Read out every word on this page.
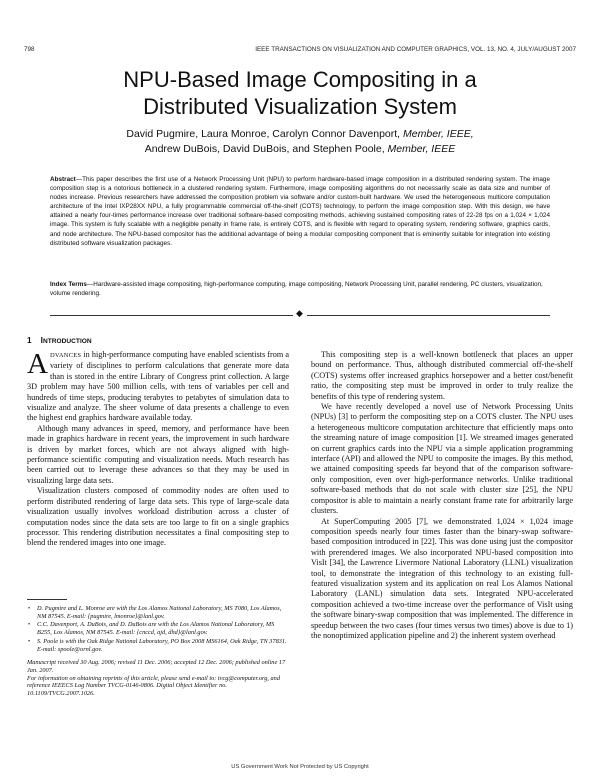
798	IEEE TRANSACTIONS ON VISUALIZATION AND COMPUTER GRAPHICS, VOL. 13, NO. 4, JULY/AUGUST 2007
NPU-Based Image Compositing in a
Distributed Visualization System
David Pugmire, Laura Monroe, Carolyn Connor Davenport, Member, IEEE,
Andrew DuBois, David DuBois, and Stephen Poole, Member, IEEE
Abstract—This paper describes the first use of a Network Processing Unit (NPU) to perform hardware-based image composition in a distributed rendering system. The image composition step is a notorious bottleneck in a clustered rendering system. Furthermore, image compositing algorithms do not necessarily scale as data size and number of nodes increase. Previous researchers have addressed the composition problem via software and/or custom-built hardware. We used the heterogeneous multicore computation architecture of the Intel IXP28XX NPU, a fully programmable commercial off-the-shelf (COTS) technology, to perform the image composition step. With this design, we have attained a nearly four-times performance increase over traditional software-based compositing methods, achieving sustained compositing rates of 22-28 fps on a 1,024 × 1,024 image. This system is fully scalable with a negligible penalty in frame rate, is entirely COTS, and is flexible with regard to operating system, rendering software, graphics cards, and node architecture. The NPU-based compositor has the additional advantage of being a modular compositing component that is eminently suitable for integration into existing distributed software visualization packages.
Index Terms—Hardware-assisted image compositing, high-performance computing, image compositing, Network Processing Unit, parallel rendering, PC clusters, visualization, volume rendering.
◆
1 INTRODUCTION

ADVANCES in high-performance computing have enabled scientists from a variety of disciplines to perform calculations that generate more data than is stored in the entire Library of Congress print collection. A large 3D problem may have 500 million cells, with tens of variables per cell and hundreds of time steps, producing terabytes to petabytes of simulation data to visualize and analyze. The sheer volume of data presents a challenge to even the highest end graphics hardware available today.

Although many advances in speed, memory, and performance have been made in graphics hardware in recent years, the improvement in such hardware is driven by market forces, which are not always aligned with high-performance scientific computing and visualization needs. Much research has been carried out to leverage these advances so that they may be used in visualizing large data sets.

Visualization clusters composed of commodity nodes are often used to perform distributed rendering of large data sets. This type of large-scale data visualization usually involves workload distribution across a cluster of computation nodes since the data sets are too large to fit on a single graphics processor. This rendering distribution necessitates a final compositing step to blend the rendered images into one image.

• D. Pugmire and L. Monroe are with the Los Alamos National Laboratory, MS T080, Los Alamos, NM 87545. E-mail: {pugmire, lmonroe}@lanl.gov.
• C.C. Davenport, A. DuBois, and D. DuBois are with the Los Alamos National Laboratory, MS B255, Los Alamos, NM 87545. E-mail: {cnccd, ajd, dhd}@lanl.gov.
• S. Poole is with the Oak Ridge National Laboratory, PO Box 2008 MS6164, Oak Ridge, TN 37831. E-mail: spoole@ornl.gov.
Manuscript received 30 Aug. 2006; revised 11 Dec. 2006; accepted 12 Dec. 2006; published online 17 Jan. 2007.
For information on obtaining reprints of this article, please send e-mail to: tvcg@computer.org, and reference IEEECS Log Number TVCG-0146-0806. Digital Object Identifier no. 10.1109/TVCG.2007.1026.

This compositing step is a well-known bottleneck that places an upper bound on performance. Thus, although distributed commercial off-the-shelf (COTS) systems offer increased graphics horsepower and a better cost/benefit ratio, the compositing step must be improved in order to truly realize the benefits of this type of rendering system.

We have recently developed a novel use of Network Processing Units (NPUs) [3] to perform the compositing step on a COTS cluster. The NPU uses a heterogeneous multicore computation architecture that efficiently maps onto the streaming nature of image composition [1]. We streamed images generated on current graphics cards into the NPU via a simple application programming interface (API) and allowed the NPU to composite the images. By this method, we attained compositing speeds far beyond that of the comparison software-only composition, even over high-performance networks. Unlike traditional software-based methods that do not scale with cluster size [25], the NPU compositor is able to maintain a nearly constant frame rate for arbitrarily large clusters.

At SuperComputing 2005 [7], we demonstrated 1,024 × 1,024 image composition speeds nearly four times faster than the binary-swap software-based composition introduced in [22]. This was done using just the compositor with prerendered images. We also incorporated NPU-based composition into VisIt [34], the Lawrence Livermore National Laboratory (LLNL) visualization tool, to demonstrate the integration of this technology to an existing full-featured visualization system and its application on real Los Alamos National Laboratory (LANL) simulation data sets. Integrated NPU-accelerated composition achieved a two-time increase over the performance of VisIt using the software binary-swap composition that was implemented. The difference in speedup between the two cases (four times versus two times) above is due to 1) the nonoptimized application pipeline and 2) the inherent system overhead

US Government Work Not Protected by US Copyright
